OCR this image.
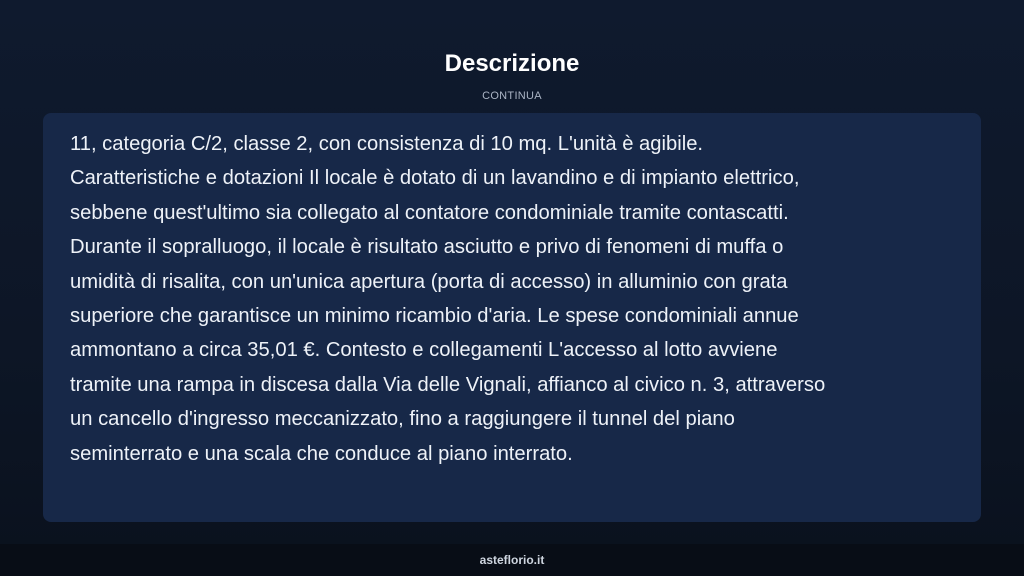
Descrizione
CONTINUA
11, categoria C/2, classe 2, con consistenza di 10 mq. L'unità è agibile.
Caratteristiche e dotazioni Il locale è dotato di un lavandino e di impianto elettrico,
sebbene quest'ultimo sia collegato al contatore condominiale tramite contascatti.
Durante il sopralluogo, il locale è risultato asciutto e privo di fenomeni di muffa o
umidità di risalita, con un'unica apertura (porta di accesso) in alluminio con grata
superiore che garantisce un minimo ricambio d'aria. Le spese condominiali annue
ammontano a circa 35,01 €. Contesto e collegamenti L'accesso al lotto avviene
tramite una rampa in discesa dalla Via delle Vignali, affianco al civico n. 3, attraverso
un cancello d'ingresso meccanizzato, fino a raggiungere il tunnel del piano
seminterrato e una scala che conduce al piano interrato.
asteflorio.it
